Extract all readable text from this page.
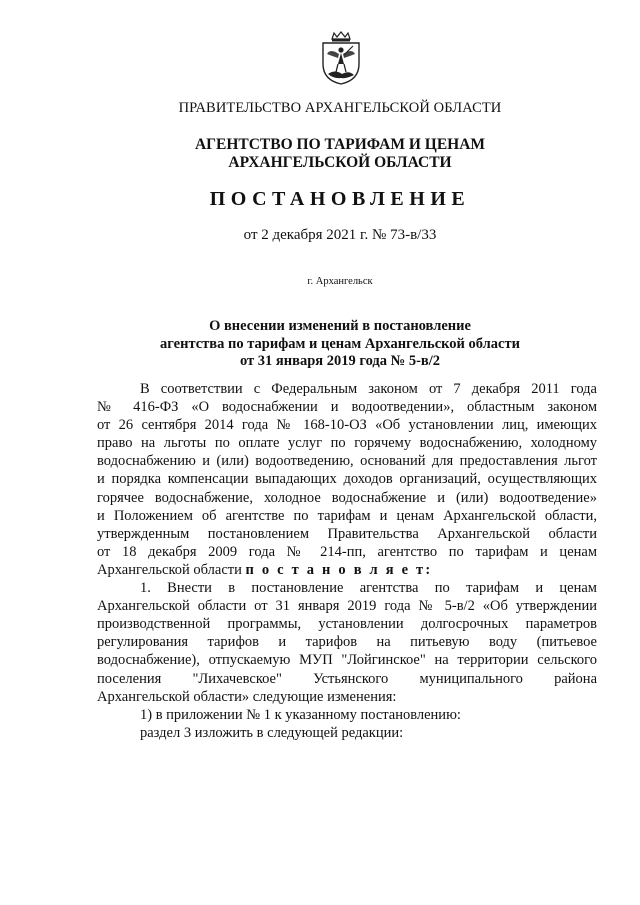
ПРАВИТЕЛЬСТВО АРХАНГЕЛЬСКОЙ ОБЛАСТИ
АГЕНТСТВО ПО ТАРИФАМ И ЦЕНАМ
АРХАНГЕЛЬСКОЙ ОБЛАСТИ
ПОСТАНОВЛЕНИЕ
от 2 декабря 2021 г. № 73-в/33
г. Архангельск
О внесении изменений в постановление
агентства по тарифам и ценам Архангельской области
от 31 января 2019 года № 5-в/2
В соответствии с Федеральным законом от 7 декабря 2011 года
№ 416-ФЗ «О водоснабжении и водоотведении», областным законом
от 26 сентября 2014 года № 168-10-ОЗ «Об установлении лиц, имеющих
право на льготы по оплате услуг по горячему водоснабжению, холодному
водоснабжению и (или) водоотведению, оснований для предоставления льгот
и порядка компенсации выпадающих доходов организаций, осуществляющих
горячее водоснабжение, холодное водоснабжение и (или) водоотведение»
и Положением об агентстве по тарифам и ценам Архангельской области,
утвержденным постановлением Правительства Архангельской области
от 18 декабря 2009 года № 214-пп, агентство по тарифам и ценам
Архангельской области п о с т а н о в л я е т:
1. Внести в постановление агентства по тарифам и ценам
Архангельской области от 31 января 2019 года № 5-в/2 «Об утверждении
производственной программы, установлении долгосрочных параметров
регулирования тарифов и тарифов на питьевую воду (питьевое
водоснабжение), отпускаемую МУП "Лойгинское" на территории сельского
поселения "Лихачевское" Устьянского муниципального района
Архангельской области» следующие изменения:
1) в приложении № 1 к указанному постановлению:
раздел 3 изложить в следующей редакции:
